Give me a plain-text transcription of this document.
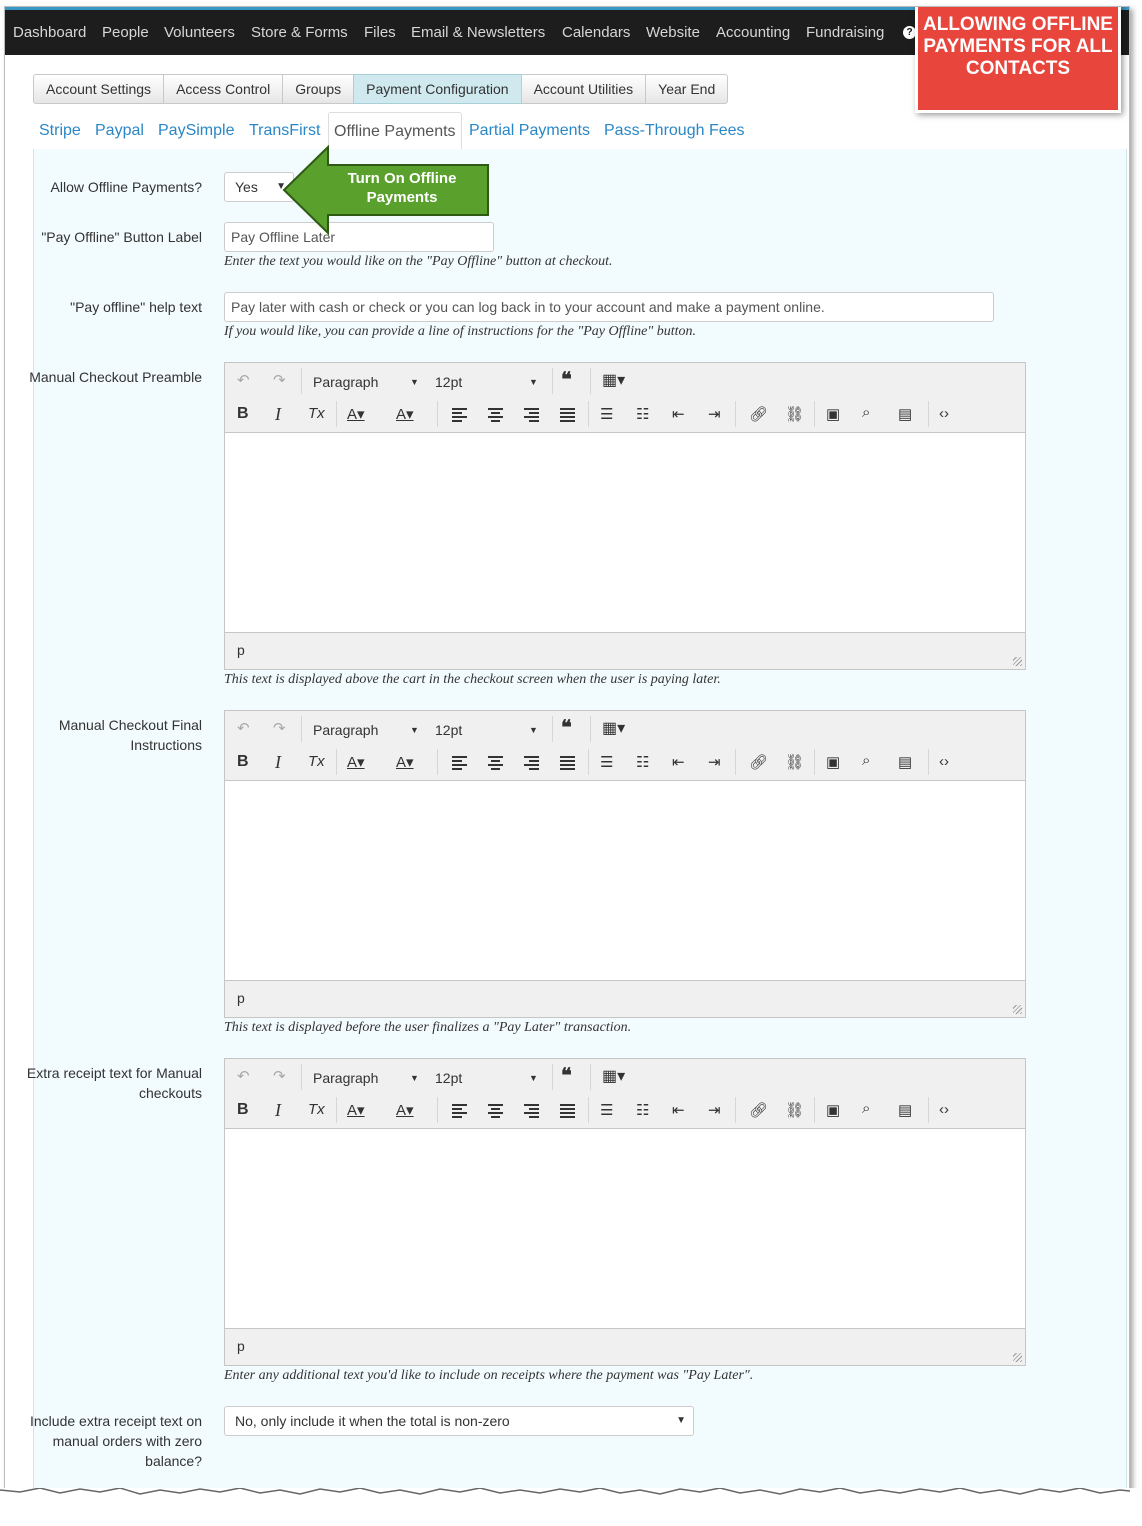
Dashboard People Volunteers Store & Forms Files Email & Newsletters Calendars Website Accounting Fundraising	? ALLOWING OFFLINE PAYMENTS FOR ALL CONTACTS
Account Settings	Access Control	Groups	Payment Configuration	Account Utilities	Year End
Stripe Paypal PaySimple TransFirst Offline Payments Partial Payments Pass-Through Fees
Allow Offline Payments?	Yes ▼
"Pay Offline" Button Label	Pay Offline Later
Enter the text you would like on the "Pay Offline" button at checkout.
"Pay offline" help text	Pay later with cash or check or you can log back in to your account and make a payment online.
If you would like, you can provide a line of instructions for the "Pay Offline" button.
Manual Checkout Preamble ↶ ↷ Paragraph	▼ 12pt	▼ ❝ ▦▾
B I Tx A▾ A▾	☰ ☷ ⇤ ⇥ 🔗︎ ⛓ ▣ ⌕ ▤ ‹›
p
This text is displayed above the cart in the checkout screen when the user is paying later.
Manual Checkout Final Instructions
↶ ↷ Paragraph	▼ 12pt	▼ ❝ ▦▾
B I Tx A▾ A▾	☰ ☷ ⇤ ⇥ 🔗︎ ⛓ ▣ ⌕ ▤ ‹›
p
This text is displayed before the user finalizes a "Pay Later" transaction.
Extra receipt text for Manual checkouts
↶ ↷ Paragraph	▼ 12pt	▼ ❝ ▦▾
B I Tx A▾ A▾	☰ ☷ ⇤ ⇥ 🔗︎ ⛓ ▣ ⌕ ▤ ‹›
p
Enter any additional text you'd like to include on receipts where the payment was "Pay Later".
Include extra receipt text on manual orders with zero balance?
No, only include it when the total is non-zero	▼
Turn On Offline Payments
